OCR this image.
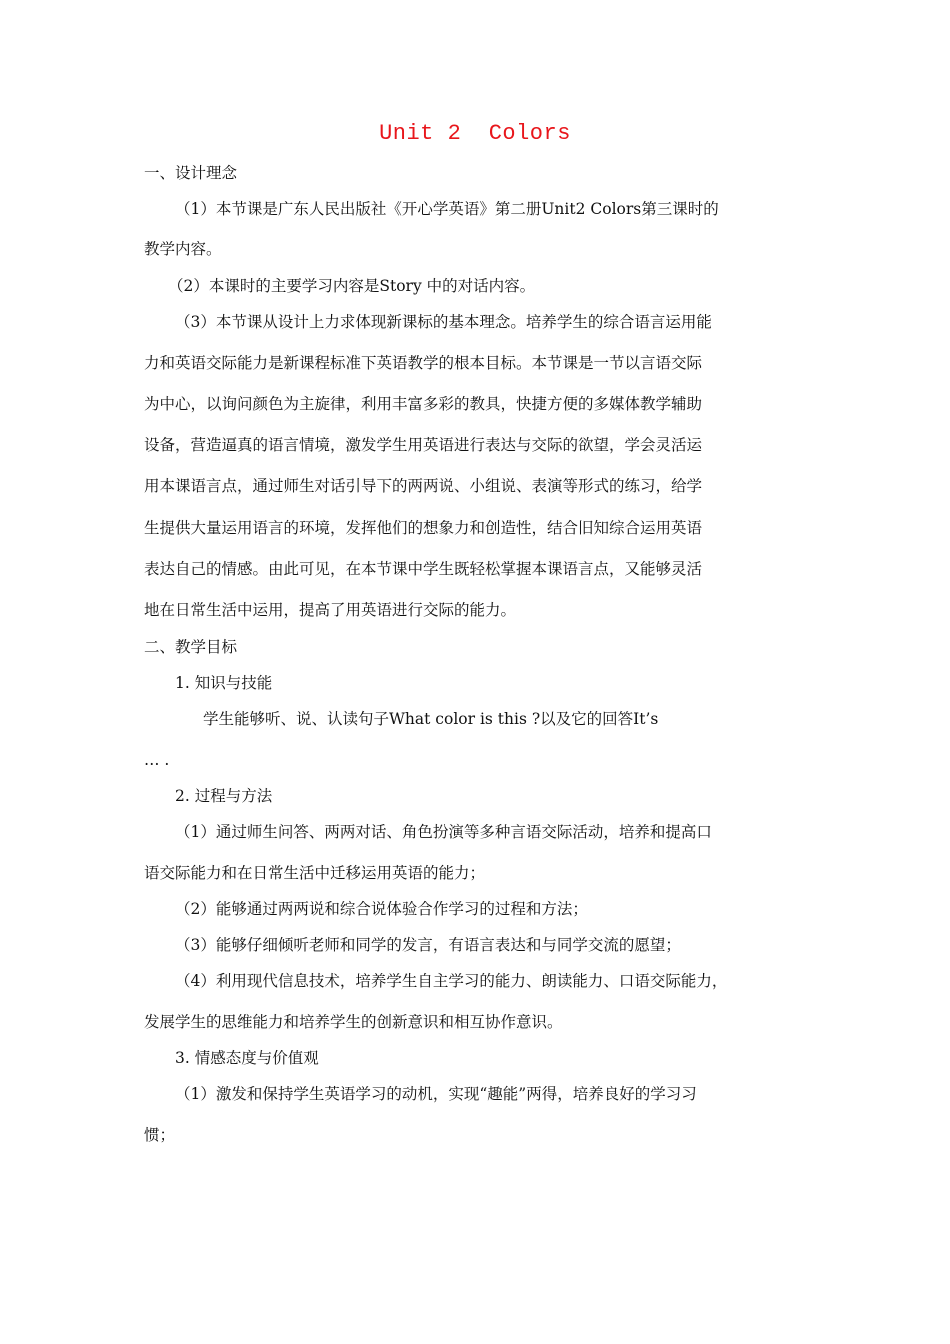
Unit 2  Colors
一、设计理念
（1）本节课是广东人民出版社《开心学英语》第二册Unit2 Colors第三课时的
教学内容。
（2）本课时的主要学习内容是Story 中的对话内容。
（3）本节课从设计上力求体现新课标的基本理念。培养学生的综合语言运用能
力和英语交际能力是新课程标准下英语教学的根本目标。本节课是一节以言语交际
为中心，以询问颜色为主旋律，利用丰富多彩的教具，快捷方便的多媒体教学辅助
设备，营造逼真的语言情境，激发学生用英语进行表达与交际的欲望，学会灵活运
用本课语言点，通过师生对话引导下的两两说、小组说、表演等形式的练习，给学
生提供大量运用语言的环境，发挥他们的想象力和创造性，结合旧知综合运用英语
表达自己的情感。由此可见，在本节课中学生既轻松掌握本课语言点，又能够灵活
地在日常生活中运用，提高了用英语进行交际的能力。
二、教学目标
1. 知识与技能
学生能够听、说、认读句子What color is this ?以及它的回答It’s
… .
2. 过程与方法
（1）通过师生问答、两两对话、角色扮演等多种言语交际活动，培养和提高口
语交际能力和在日常生活中迁移运用英语的能力；
（2）能够通过两两说和综合说体验合作学习的过程和方法；
（3）能够仔细倾听老师和同学的发言，有语言表达和与同学交流的愿望；
（4）利用现代信息技术，培养学生自主学习的能力、朗读能力、口语交际能力，
发展学生的思维能力和培养学生的创新意识和相互协作意识。
3. 情感态度与价值观
（1）激发和保持学生英语学习的动机，实现“趣能”两得，培养良好的学习习
惯；
